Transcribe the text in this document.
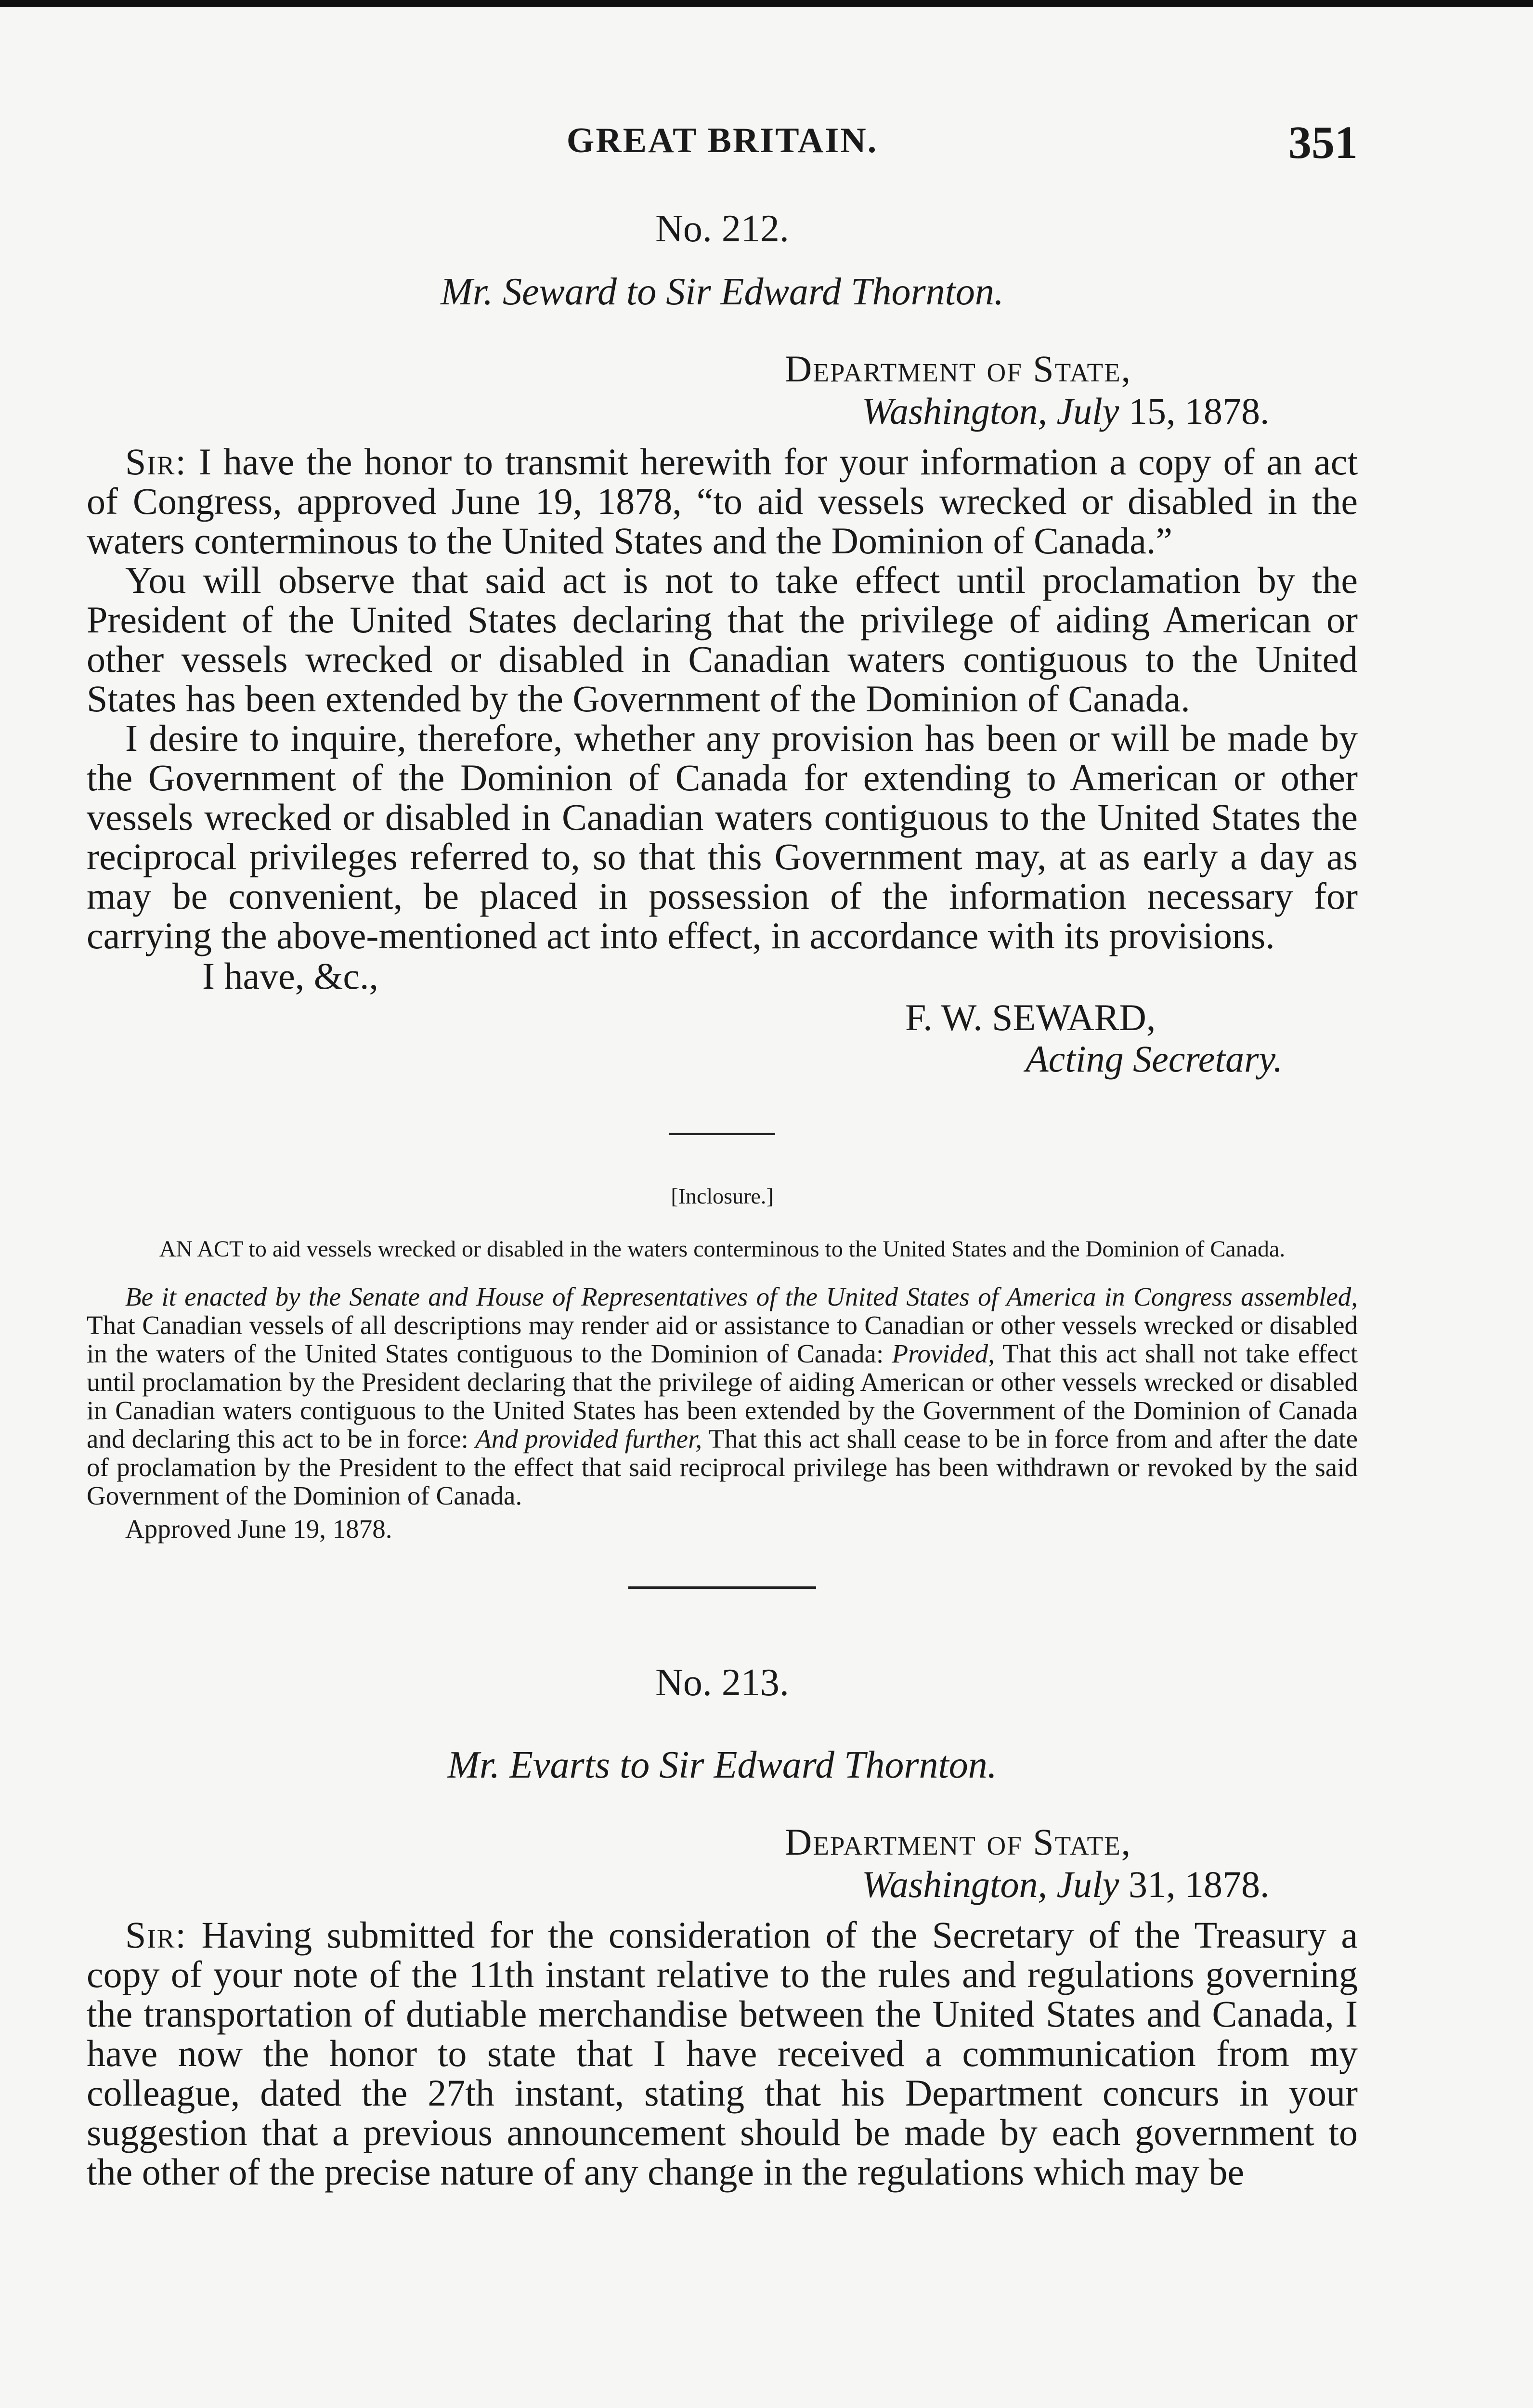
GREAT BRITAIN.	351
No. 212.
Mr. Seward to Sir Edward Thornton.
Department of State,
Washington, July 15, 1878.

Sir: I have the honor to transmit herewith for your information a copy of an act of Congress, approved June 19, 1878, “to aid vessels wrecked or disabled in the waters conterminous to the United States and the Dominion of Canada.”

You will observe that said act is not to take effect until proclamation by the President of the United States declaring that the privilege of aiding American or other vessels wrecked or disabled in Canadian waters contiguous to the United States has been extended by the Government of the Dominion of Canada.

I desire to inquire, therefore, whether any provision has been or will be made by the Government of the Dominion of Canada for extending to American or other vessels wrecked or disabled in Canadian waters contiguous to the United States the reciprocal privileges referred to, so that this Government may, at as early a day as may be convenient, be placed in possession of the information necessary for carrying the above-mentioned act into effect, in accordance with its provisions.

I have, &c.,
F. W. SEWARD,
Acting Secretary.
[Inclosure.]
AN ACT to aid vessels wrecked or disabled in the waters conterminous to the United States and the Dominion of Canada.

Be it enacted by the Senate and House of Representatives of the United States of America in Congress assembled, That Canadian vessels of all descriptions may render aid or assistance to Canadian or other vessels wrecked or disabled in the waters of the United States contiguous to the Dominion of Canada: Provided, That this act shall not take effect until proclamation by the President declaring that the privilege of aiding American or other vessels wrecked or disabled in Canadian waters contiguous to the United States has been extended by the Government of the Dominion of Canada and declaring this act to be in force: And provided further, That this act shall cease to be in force from and after the date of proclamation by the President to the effect that said reciprocal privilege has been withdrawn or revoked by the said Government of the Dominion of Canada.

Approved June 19, 1878.
No. 213.
Mr. Evarts to Sir Edward Thornton.
Department of State,
Washington, July 31, 1878.

Sir: Having submitted for the consideration of the Secretary of the Treasury a copy of your note of the 11th instant relative to the rules and regulations governing the transportation of dutiable merchandise between the United States and Canada, I have now the honor to state that I have received a communication from my colleague, dated the 27th instant, stating that his Department concurs in your suggestion that a previous announcement should be made by each government to the other of the precise nature of any change in the regulations which may be
